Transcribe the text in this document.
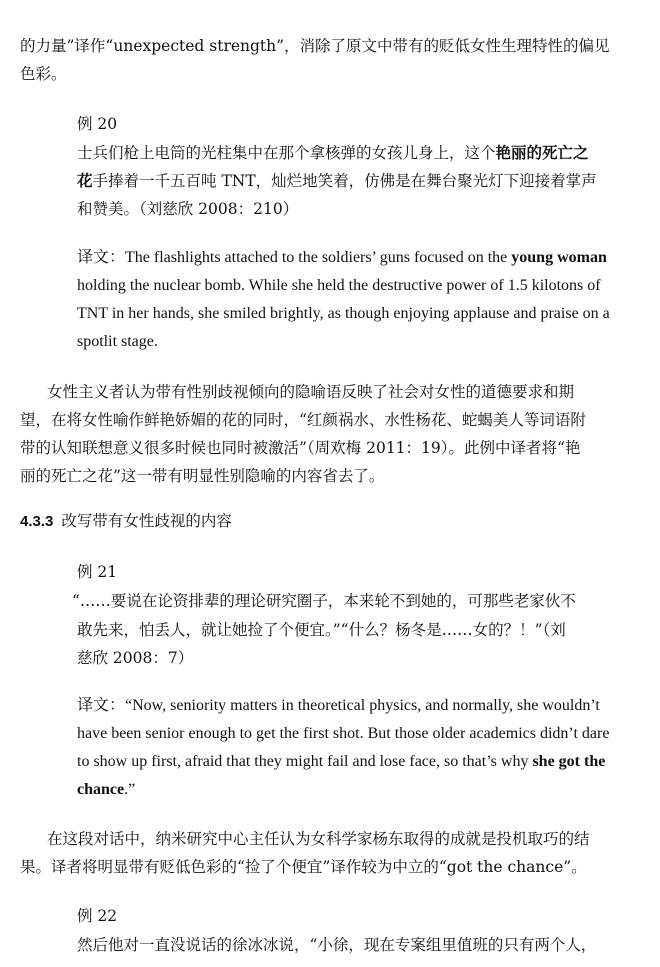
的力量”译作“unexpected strength”，消除了原文中带有的贬低女性生理特性的偏见
色彩。
例 20
士兵们枪上电筒的光柱集中在那个拿核弹的女孩儿身上，这个艳丽的死亡之
花手捧着一千五百吨 TNT，灿烂地笑着，仿佛是在舞台聚光灯下迎接着掌声
和赞美。（刘慈欣 2008：210）
译文：The flashlights attached to the soldiers’ guns focused on the young woman
holding the nuclear bomb. While she held the destructive power of 1.5 kilotons of
TNT in her hands, she smiled brightly, as though enjoying applause and praise on a
spotlit stage.
女性主义者认为带有性别歧视倾向的隐喻语反映了社会对女性的道德要求和期
望，在将女性喻作鲜艳娇媚的花的同时，“红颜祸水、水性杨花、蛇蝎美人等词语附
带的认知联想意义很多时候也同时被激活”（周欢梅 2011：19）。此例中译者将“艳
丽的死亡之花”这一带有明显性别隐喻的内容省去了。
4.3.3 改写带有女性歧视的内容
例 21
“……要说在论资排辈的理论研究圈子，本来轮不到她的，可那些老家伙不
敢先来，怕丢人，就让她捡了个便宜。”“什么？杨冬是……女的？！”（刘
慈欣 2008：7）
译文：“Now, seniority matters in theoretical physics, and normally, she wouldn’t
have been senior enough to get the first shot. But those older academics didn’t dare
to show up first, afraid that they might fail and lose face, so that’s why she got the
chance.”
在这段对话中，纳米研究中心主任认为女科学家杨东取得的成就是投机取巧的结
果。译者将明显带有贬低色彩的“捡了个便宜”译作较为中立的“got the chance”。
例 22
然后他对一直没说话的徐冰冰说，“小徐，现在专案组里值班的只有两个人，
